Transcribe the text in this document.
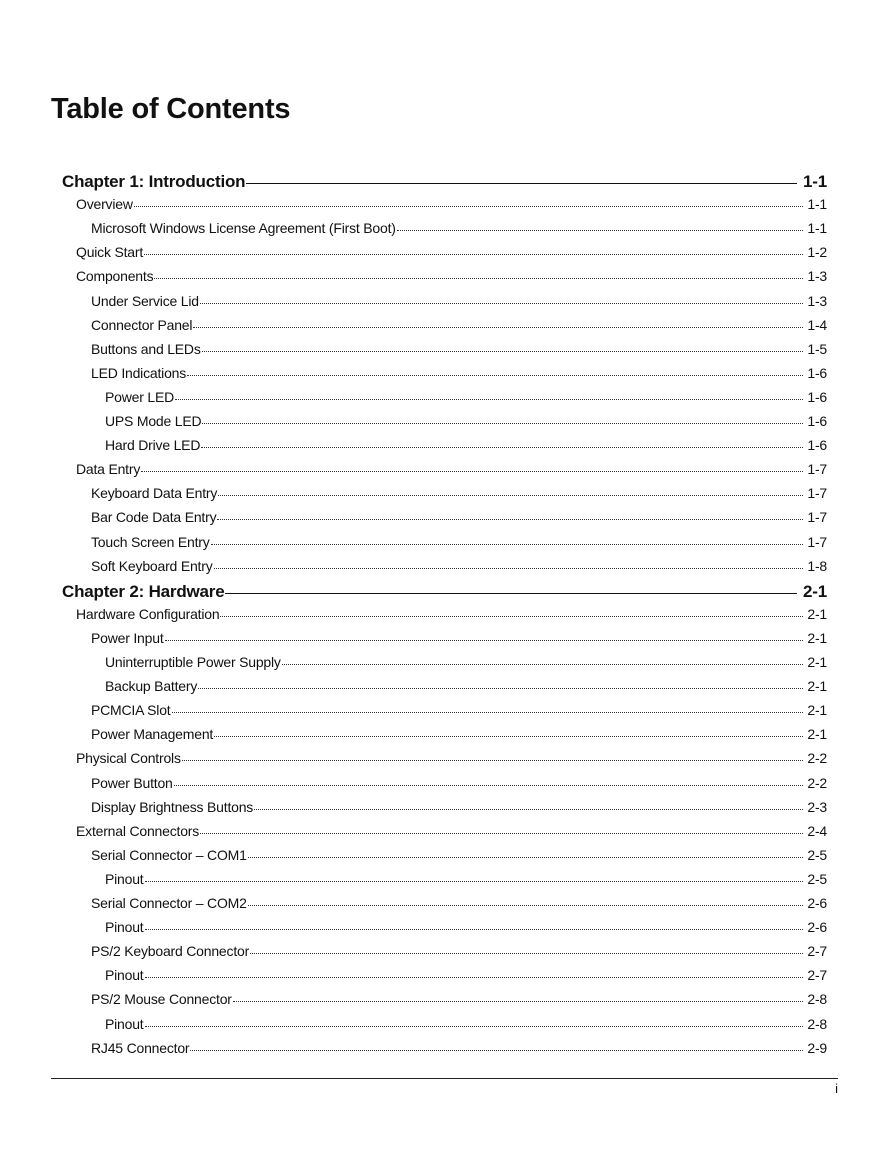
Table of Contents
Chapter 1: Introduction	1-1
Overview	1-1
Microsoft Windows License Agreement (First Boot)	1-1
Quick Start	1-2
Components	1-3
Under Service Lid	1-3
Connector Panel	1-4
Buttons and LEDs	1-5
LED Indications	1-6
Power LED	1-6
UPS Mode LED	1-6
Hard Drive LED	1-6
Data Entry	1-7
Keyboard Data Entry	1-7
Bar Code Data Entry	1-7
Touch Screen Entry	1-7
Soft Keyboard Entry	1-8
Chapter 2: Hardware	2-1
Hardware Configuration	2-1
Power Input	2-1
Uninterruptible Power Supply	2-1
Backup Battery	2-1
PCMCIA Slot	2-1
Power Management	2-1
Physical Controls	2-2
Power Button	2-2
Display Brightness Buttons	2-3
External Connectors	2-4
Serial Connector – COM1	2-5
Pinout	2-5
Serial Connector – COM2	2-6
Pinout	2-6
PS/2 Keyboard Connector	2-7
Pinout	2-7
PS/2 Mouse Connector	2-8
Pinout	2-8
RJ45 Connector	2-9
i
